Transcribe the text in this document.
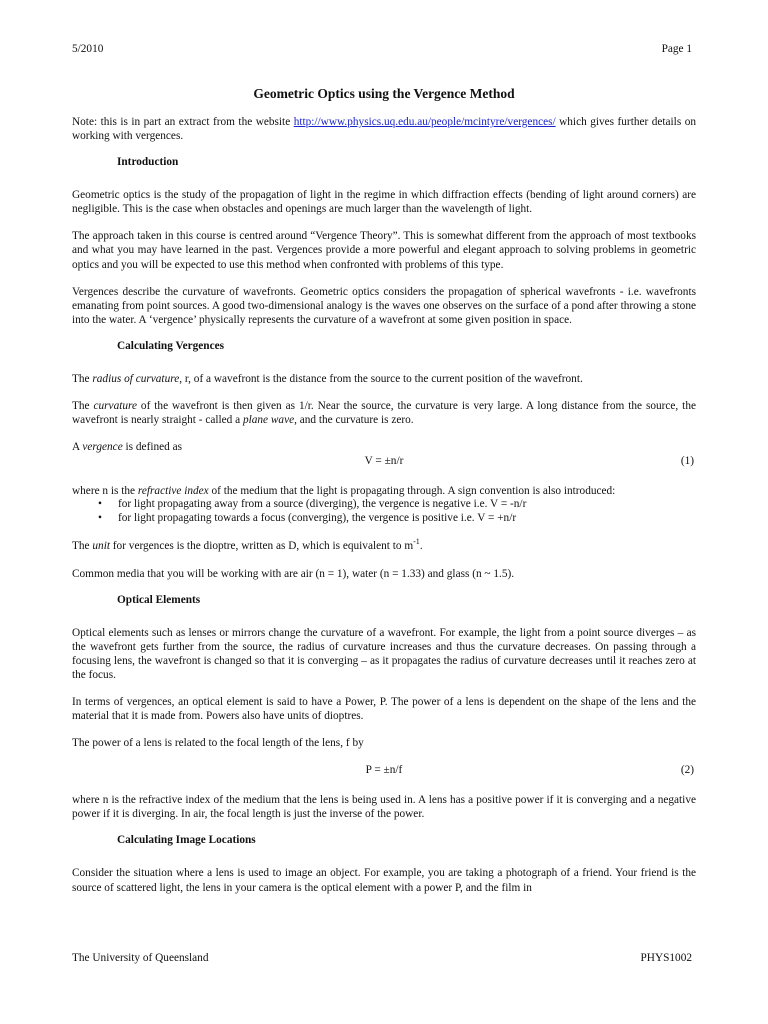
5/2010	Page 1
Geometric Optics using the Vergence Method

Note: this is in part an extract from the website http://www.physics.uq.edu.au/people/mcintyre/vergences/ which gives further details on working with vergences.

Introduction

Geometric optics is the study of the propagation of light in the regime in which diffraction effects (bending of light around corners) are negligible. This is the case when obstacles and openings are much larger than the wavelength of light.

The approach taken in this course is centred around “Vergence Theory”. This is somewhat different from the approach of most textbooks and what you may have learned in the past. Vergences provide a more powerful and elegant approach to solving problems in geometric optics and you will be expected to use this method when confronted with problems of this type.

Vergences describe the curvature of wavefronts. Geometric optics considers the propagation of spherical wavefronts - i.e. wavefronts emanating from point sources. A good two-dimensional analogy is the waves one observes on the surface of a pond after throwing a stone into the water. A ‘vergence’ physically represents the curvature of a wavefront at some given position in space.

Calculating Vergences

The radius of curvature, r, of a wavefront is the distance from the source to the current position of the wavefront.

The curvature of the wavefront is then given as 1/r. Near the source, the curvature is very large. A long distance from the source, the wavefront is nearly straight - called a plane wave, and the curvature is zero.

A vergence is defined as

V = ±n/r	(1)

where n is the refractive index of the medium that the light is propagating through. A sign convention is also introduced:

• for light propagating away from a source (diverging), the vergence is negative i.e. V = -n/r
• for light propagating towards a focus (converging), the vergence is positive i.e. V = +n/r

The unit for vergences is the dioptre, written as D, which is equivalent to $m^{-1}$.

Common media that you will be working with are air (n = 1), water (n = 1.33) and glass (n ~ 1.5).

Optical Elements

Optical elements such as lenses or mirrors change the curvature of a wavefront. For example, the light from a point source diverges – as the wavefront gets further from the source, the radius of curvature increases and thus the curvature decreases. On passing through a focusing lens, the wavefront is changed so that it is converging – as it propagates the radius of curvature decreases until it reaches zero at the focus.

In terms of vergences, an optical element is said to have a Power, P. The power of a lens is dependent on the shape of the lens and the material that it is made from. Powers also have units of dioptres.

The power of a lens is related to the focal length of the lens, f by

P = ±n/f	(2)

where n is the refractive index of the medium that the lens is being used in. A lens has a positive power if it is converging and a negative power if it is diverging. In air, the focal length is just the inverse of the power.

Calculating Image Locations

Consider the situation where a lens is used to image an object. For example, you are taking a photograph of a friend. Your friend is the source of scattered light, the lens in your camera is the optical element with a power P, and the film in

The University of Queensland	PHYS1002
